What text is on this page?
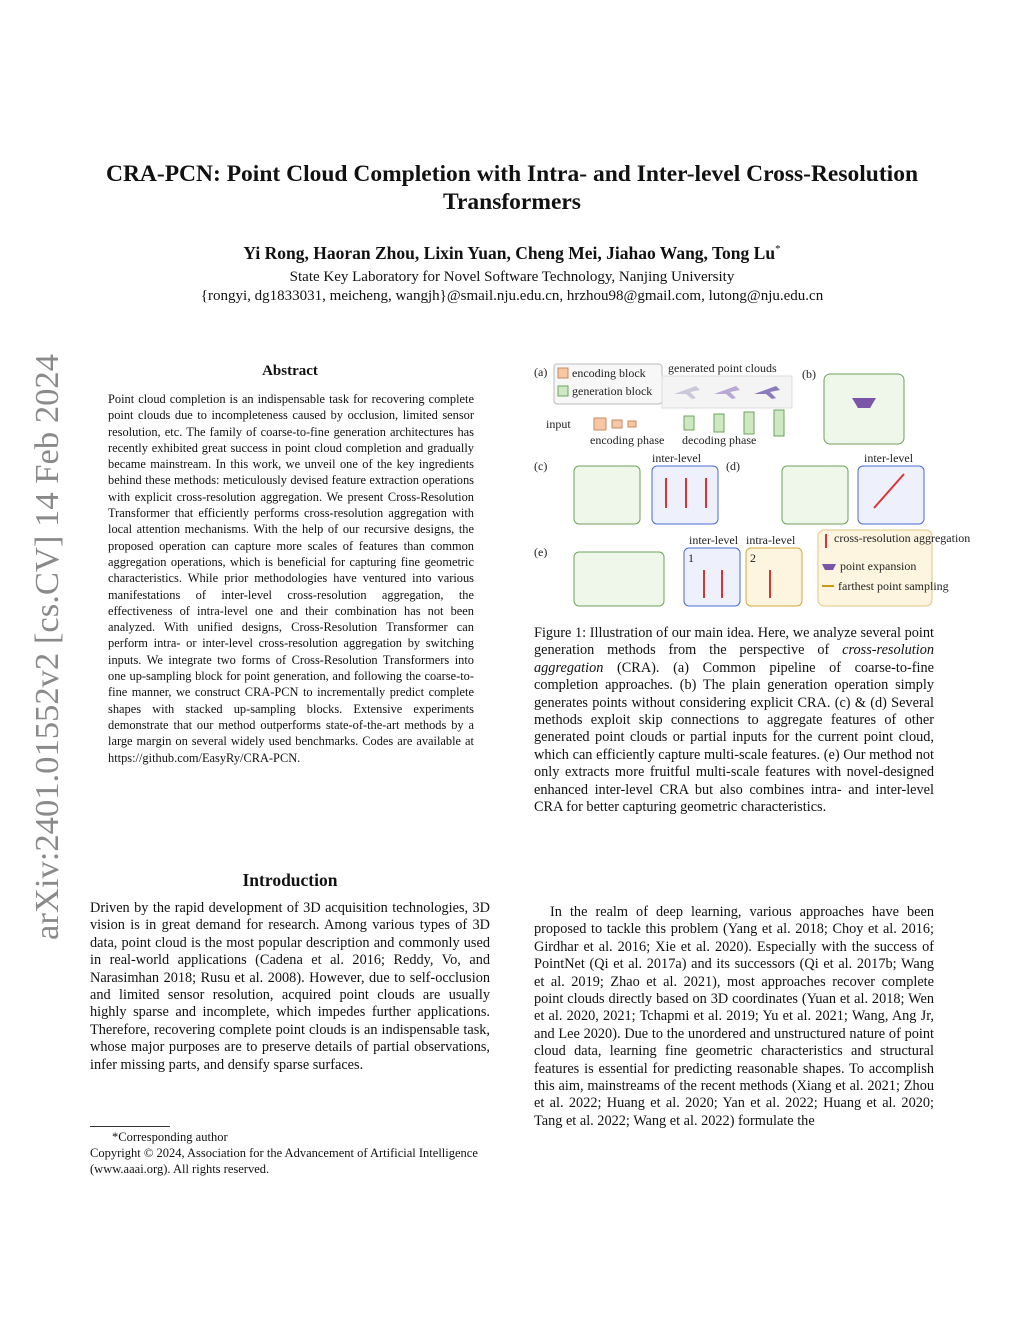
arXiv:2401.01552v2 [cs.CV] 14 Feb 2024
CRA-PCN: Point Cloud Completion with Intra- and Inter-level Cross-Resolution Transformers
Yi Rong, Haoran Zhou, Lixin Yuan, Cheng Mei, Jiahao Wang, Tong Lu*
State Key Laboratory for Novel Software Technology, Nanjing University
{rongyi, dg1833031, meicheng, wangjh}@smail.nju.edu.cn, hrzhou98@gmail.com, lutong@nju.edu.cn
Abstract

Point cloud completion is an indispensable task for recovering complete point clouds due to incompleteness caused by occlusion, limited sensor resolution, etc. The family of coarse-to-fine generation architectures has recently exhibited great success in point cloud completion and gradually became mainstream. In this work, we unveil one of the key ingredients behind these methods: meticulously devised feature extraction operations with explicit cross-resolution aggregation. We present Cross-Resolution Transformer that efficiently performs cross-resolution aggregation with local attention mechanisms. With the help of our recursive designs, the proposed operation can capture more scales of features than common aggregation operations, which is beneficial for capturing fine geometric characteristics. While prior methodologies have ventured into various manifestations of inter-level cross-resolution aggregation, the effectiveness of intra-level one and their combination has not been analyzed. With unified designs, Cross-Resolution Transformer can perform intra- or inter-level cross-resolution aggregation by switching inputs. We integrate two forms of Cross-Resolution Transformers into one up-sampling block for point generation, and following the coarse-to-fine manner, we construct CRA-PCN to incrementally predict complete shapes with stacked up-sampling blocks. Extensive experiments demonstrate that our method outperforms state-of-the-art methods by a large margin on several widely used benchmarks. Codes are available at https://github.com/EasyRy/CRA-PCN.

Introduction

Driven by the rapid development of 3D acquisition technologies, 3D vision is in great demand for research. Among various types of 3D data, point cloud is the most popular description and commonly used in real-world applications (Cadena et al. 2016; Reddy, Vo, and Narasimhan 2018; Rusu et al. 2008). However, due to self-occlusion and limited sensor resolution, acquired point clouds are usually highly sparse and incomplete, which impedes further applications. Therefore, recovering complete point clouds is an indispensable task, whose major purposes are to preserve details of partial observations, infer missing parts, and densify sparse surfaces.

*Corresponding author
Copyright © 2024, Association for the Advancement of Artificial Intelligence (www.aaai.org). All rights reserved.
(a) encoding block
generation block
generated point clouds
input
encoding phase decoding phase
(b)
(c)
inter-level
(d)
inter-level
(e)
inter-level intra-level
1	2
cross-resolution aggregation
point expansion
farthest point sampling

Figure 1: Illustration of our main idea. Here, we analyze several point generation methods from the perspective of cross-resolution aggregation (CRA). (a) Common pipeline of coarse-to-fine completion approaches. (b) The plain generation operation simply generates points without considering explicit CRA. (c) & (d) Several methods exploit skip connections to aggregate features of other generated point clouds or partial inputs for the current point cloud, which can efficiently capture multi-scale features. (e) Our method not only extracts more fruitful multi-scale features with novel-designed enhanced inter-level CRA but also combines intra- and inter-level CRA for better capturing geometric characteristics.

In the realm of deep learning, various approaches have been proposed to tackle this problem (Yang et al. 2018; Choy et al. 2016; Girdhar et al. 2016; Xie et al. 2020). Especially with the success of PointNet (Qi et al. 2017a) and its successors (Qi et al. 2017b; Wang et al. 2019; Zhao et al. 2021), most approaches recover complete point clouds directly based on 3D coordinates (Yuan et al. 2018; Wen et al. 2020, 2021; Tchapmi et al. 2019; Yu et al. 2021; Wang, Ang Jr, and Lee 2020). Due to the unordered and unstructured nature of point cloud data, learning fine geometric characteristics and structural features is essential for predicting reasonable shapes. To accomplish this aim, mainstreams of the recent methods (Xiang et al. 2021; Zhou et al. 2022; Huang et al. 2020; Yan et al. 2022; Huang et al. 2020; Tang et al. 2022; Wang et al. 2022) formulate the
